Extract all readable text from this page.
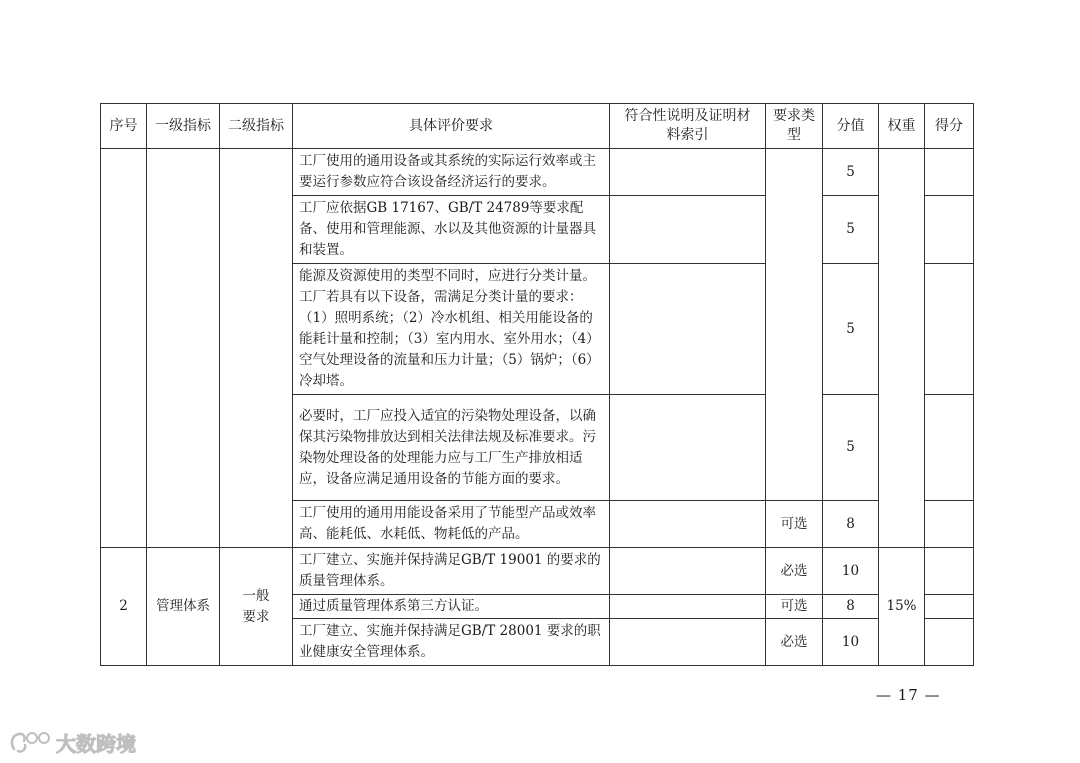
序号	一级指标	二级指标	具体评价要求	符合性说明及证明材料索引	要求类型	分值	权重	得分
			工厂使用的通用设备或其系统的实际运行效率或主要运行参数应符合该设备经济运行的要求。			5		
			工厂应依据GB 17167、GB/T 24789等要求配备、使用和管理能源、水以及其他资源的计量器具和装置。			5		
			能源及资源使用的类型不同时，应进行分类计量。工厂若具有以下设备，需满足分类计量的要求：（1）照明系统；（2）冷水机组、相关用能设备的能耗计量和控制；（3）室内用水、室外用水；（4）空气处理设备的流量和压力计量；（5）锅炉；（6）冷却塔。			5		
			必要时，工厂应投入适宜的污染物处理设备，以确保其污染物排放达到相关法律法规及标准要求。污染物处理设备的处理能力应与工厂生产排放相适应，设备应满足通用设备的节能方面的要求。			5		
			工厂使用的通用用能设备采用了节能型产品或效率高、能耗低、水耗低、物耗低的产品。		可选	8		
2	管理体系	一般要求	工厂建立、实施并保持满足GB/T 19001 的要求的质量管理体系。		必选	10	15%	
			通过质量管理体系第三方认证。		可选	8		
			工厂建立、实施并保持满足GB/T 28001 要求的职业健康安全管理体系。		必选	10		
— 17 —
大数跨境
